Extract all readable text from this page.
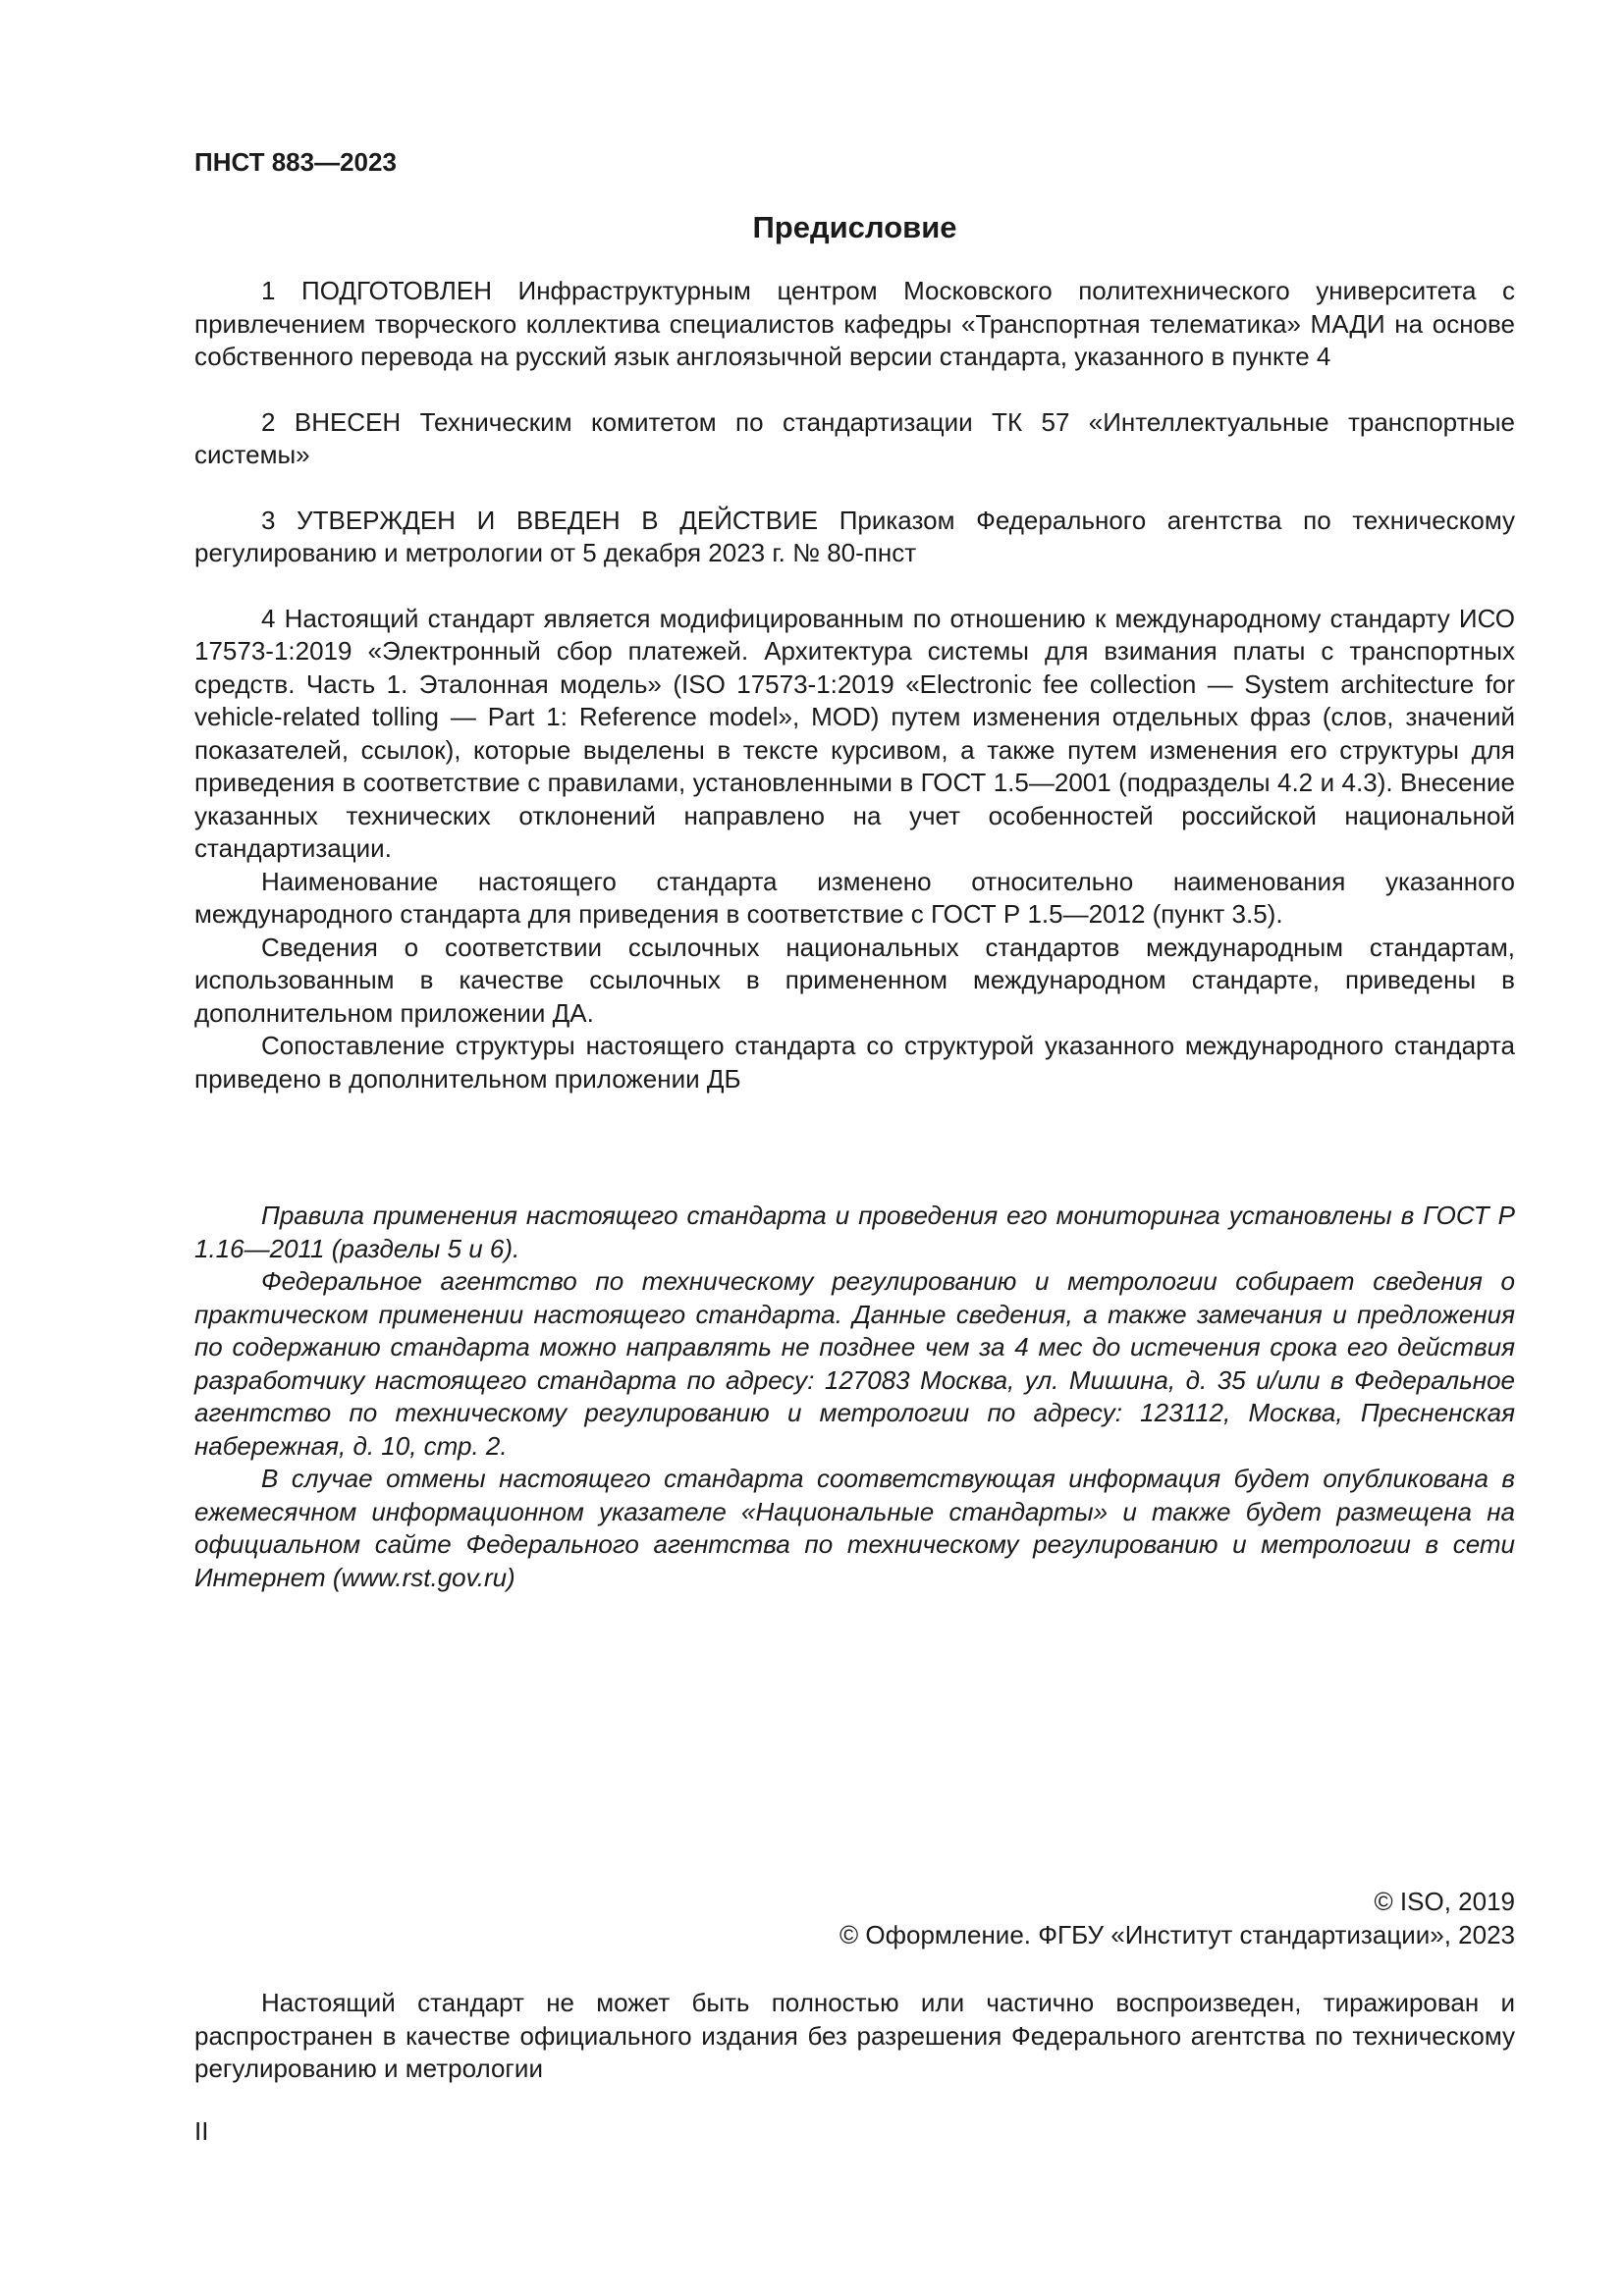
ПНСТ 883—2023

Предисловие

1 ПОДГОТОВЛЕН Инфраструктурным центром Московского политехнического университета с привлечением творческого коллектива специалистов кафедры «Транспортная телематика» МАДИ на основе собственного перевода на русский язык англоязычной версии стандарта, указанного в пункте 4

2 ВНЕСЕН Техническим комитетом по стандартизации ТК 57 «Интеллектуальные транспортные системы»

3 УТВЕРЖДЕН И ВВЕДЕН В ДЕЙСТВИЕ Приказом Федерального агентства по техническому регулированию и метрологии от 5 декабря 2023 г. № 80-пнст

4 Настоящий стандарт является модифицированным по отношению к международному стандарту ИСО 17573-1:2019 «Электронный сбор платежей. Архитектура системы для взимания платы с транспортных средств. Часть 1. Эталонная модель» (ISO 17573-1:2019 «Electronic fee collection — System architecture for vehicle-related tolling — Part 1: Reference model», MOD) путем изменения отдельных фраз (слов, значений показателей, ссылок), которые выделены в тексте курсивом, а также путем изменения его структуры для приведения в соответствие с правилами, установленными в ГОСТ 1.5—2001 (подразделы 4.2 и 4.3). Внесение указанных технических отклонений направлено на учет особенностей российской национальной стандартизации.

Наименование настоящего стандарта изменено относительно наименования указанного международного стандарта для приведения в соответствие с ГОСТ Р 1.5—2012 (пункт 3.5).

Сведения о соответствии ссылочных национальных стандартов международным стандартам, использованным в качестве ссылочных в примененном международном стандарте, приведены в дополнительном приложении ДА.

Сопоставление структуры настоящего стандарта со структурой указанного международного стандарта приведено в дополнительном приложении ДБ

Правила применения настоящего стандарта и проведения его мониторинга установлены в ГОСТ Р 1.16—2011 (разделы 5 и 6).

Федеральное агентство по техническому регулированию и метрологии собирает сведения о практическом применении настоящего стандарта. Данные сведения, а также замечания и предложения по содержанию стандарта можно направлять не позднее чем за 4 мес до истечения срока его действия разработчику настоящего стандарта по адресу: 127083 Москва, ул. Мишина, д. 35 и/или в Федеральное агентство по техническому регулированию и метрологии по адресу: 123112, Москва, Пресненская набережная, д. 10, стр. 2.

В случае отмены настоящего стандарта соответствующая информация будет опубликована в ежемесячном информационном указателе «Национальные стандарты» и также будет размещена на официальном сайте Федерального агентства по техническому регулированию и метрологии в сети Интернет (www.rst.gov.ru)

© ISO, 2019
© Оформление. ФГБУ «Институт стандартизации», 2023

Настоящий стандарт не может быть полностью или частично воспроизведен, тиражирован и распространен в качестве официального издания без разрешения Федерального агентства по техническому регулированию и метрологии

II
